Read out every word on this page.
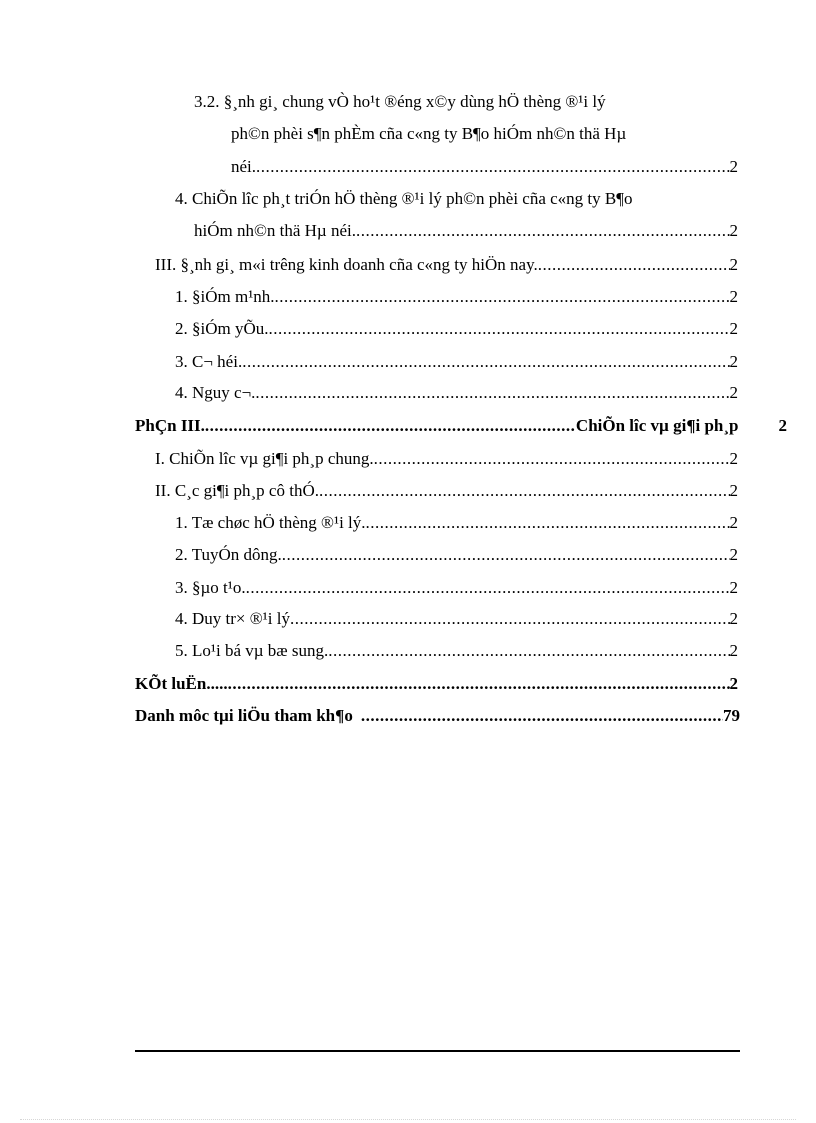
3.2. §¸nh gi¸ chung vÒ ho¹t ®éng x©y dùng hÖ thèng ®¹i lý
ph©n phèi s¶n phÈm cña c«ng ty B¶o hiÓm nh©n thä Hµ
néi. .....	2
4. ChiÕn lîc ph¸t triÓn hÖ thèng ®¹i lý ph©n phèi cña c«ng ty B¶o
hiÓm nh©n thä Hµ néi. .....	2
III. §¸nh gi¸ m«i trêng kinh doanh cña c«ng ty hiÖn nay. .....	2
1. §iÓm m¹nh. .....	2
2. §iÓm yÕu. .....	2
3. C¬ héi. .....	2
4. Nguy c¬. .....	2
PhÇn III. .....	ChiÕn lîc vµ gi¶i ph¸p 2
I. ChiÕn lîc vµ gi¶i ph¸p chung. .....	2
II. C¸c gi¶i ph¸p cô thÓ. .....	2
1. Tæ chøc hÖ thèng ®¹i lý. .....	2
2. TuyÓn dông. .....	2
3. §µo t¹o. .....	2
4. Duy tr× ®¹i lý .....	2
5. Lo¹i bá vµ bæ sung. .....	2
KÕt luËn..... .....	2
Danh môc tµi liÖu tham kh¶o .....	79
